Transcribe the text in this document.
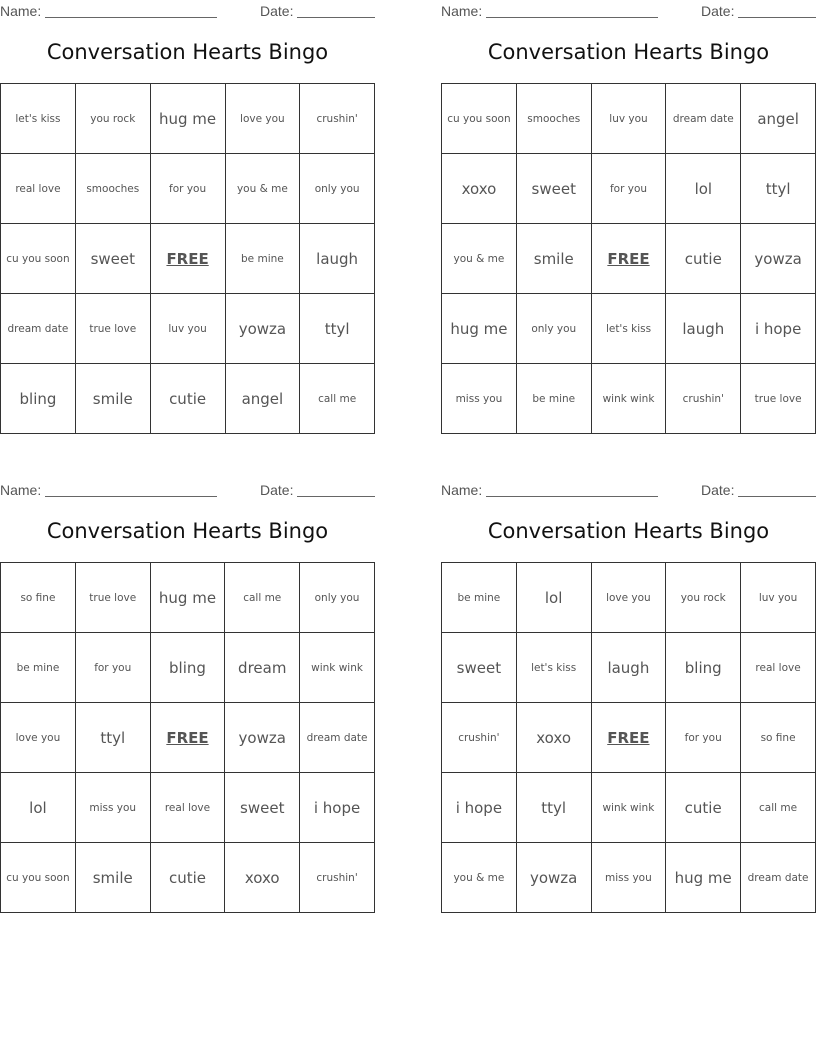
Name:	Date:
Conversation Hearts Bingo
let's kiss	you rock	hug me	love you	crushin'
real love	smooches	for you	you & me	only you
cu you soon	sweet	FREE	be mine	laugh
dream date	true love	luv you	yowza	ttyl
bling	smile	cutie	angel	call me
Name:	Date:
Conversation Hearts Bingo
cu you soon	smooches	luv you	dream date	angel
xoxo	sweet	for you	lol	ttyl
you & me	smile	FREE	cutie	yowza
hug me	only you	let's kiss	laugh	i hope
miss you	be mine	wink wink	crushin'	true love
Name:	Date:
Conversation Hearts Bingo
so fine	true love	hug me	call me	only you
be mine	for you	bling	dream	wink wink
love you	ttyl	FREE	yowza	dream date
lol	miss you	real love	sweet	i hope
cu you soon	smile	cutie	xoxo	crushin'
Name:	Date:
Conversation Hearts Bingo
be mine	lol	love you	you rock	luv you
sweet	let's kiss	laugh	bling	real love
crushin'	xoxo	FREE	for you	so fine
i hope	ttyl	wink wink	cutie	call me
you & me	yowza	miss you	hug me	dream date
